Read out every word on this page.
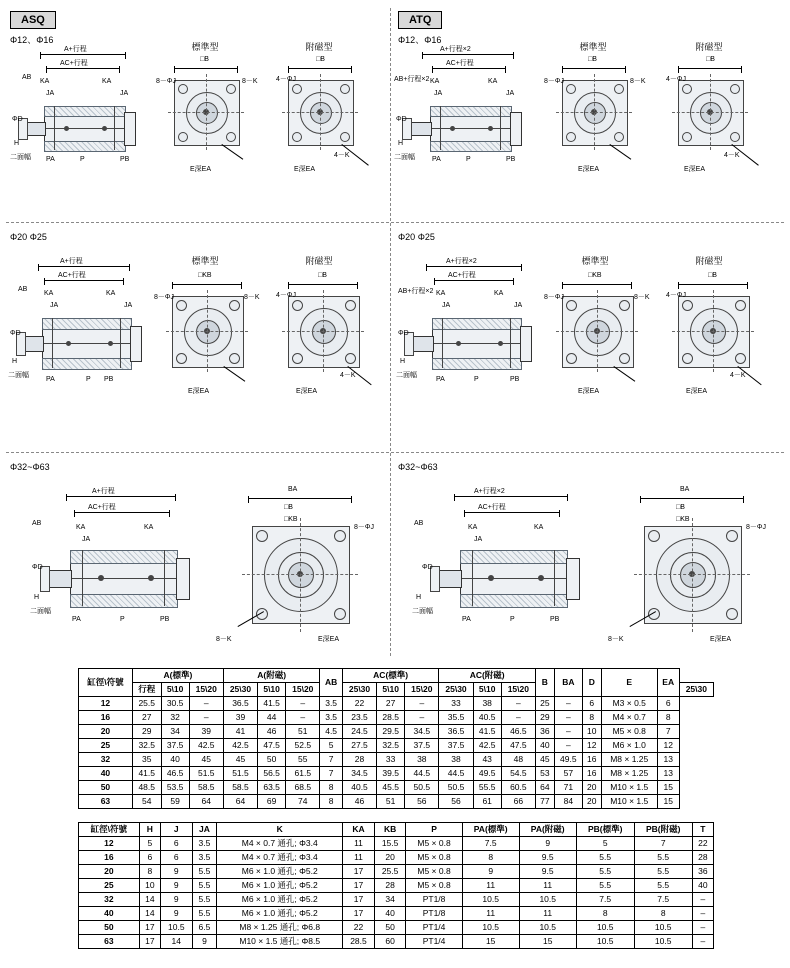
ASQ
Φ12、Φ16
AB
A+行程
AC+行程
KA	KA
JA	JA
ΦD
H
二面幅 PA	P	PB
標準型
□B
8－ΦJ	8－K
E深EA
附磁型
□B
4－ΦJ
4－K
E深EA
ATQ
Φ12、Φ16
AB+行程×2
A+行程×2
AC+行程
KA	KA
JA	JA
ΦD
H
二面幅 PA	P	PB
標準型
□B
8－ΦJ	8－K
E深EA
附磁型
□B
4－ΦJ
4－K
E深EA
Φ20 Φ25
AB
A+行程
AC+行程
KA	KA
JA	JA
ΦD
H
二面幅
PA	P PB
標準型
□KB
8－ΦJ	8－K
E深EA
附磁型
□B
4－ΦJ
4－K
E深EA
Φ20 Φ25
AB+行程×2
A+行程×2
AC+行程
KA	KA
JA	JA
ΦD
H
二面幅
PA	P	PB
標準型
□KB
8－ΦJ	8－K
E深EA
附磁型
□B
4－ΦJ
4－K
E深EA
Φ32~Φ63
AB
A+行程
AC+行程
KA	KA
JA
ΦD
H
二面幅
PA	P	PB
BA
□B
□KB
8－ΦJ
8－K	E深EA
Φ32~Φ63
AB
A+行程×2
AC+行程
KA	KA
JA
ΦD
H
二面幅
PA	P	PB
BA
□B
□KB
8－ΦJ
8－K	E深EA
缸徑\符號	A(標準)			A(附磁)			AB	AC(標準)			AC(附磁)			B	BA	D	E	EA	
	行程	5\10	15\20	25\30	5\10	15\20		25\30	5\10	15\20	25\30	5\10	15\20						25\30
12	25.5	30.5	–	36.5	41.5	–	3.5	22	27	–	33	38	–	25	–	6	M3 × 0.5	6	
16	27	32	–	39	44	–	3.5	23.5	28.5	–	35.5	40.5	–	29	–	8	M4 × 0.7	8	
20	29	34	39	41	46	51	4.5	24.5	29.5	34.5	36.5	41.5	46.5	36	–	10	M5 × 0.8	7	
25	32.5	37.5	42.5	42.5	47.5	52.5	5	27.5	32.5	37.5	37.5	42.5	47.5	40	–	12	M6 × 1.0	12	
32	35	40	45	45	50	55	7	28	33	38	38	43	48	45	49.5	16	M8 × 1.25	13	
40	41.5	46.5	51.5	51.5	56.5	61.5	7	34.5	39.5	44.5	44.5	49.5	54.5	53	57	16	M8 × 1.25	13	
50	48.5	53.5	58.5	58.5	63.5	68.5	8	40.5	45.5	50.5	50.5	55.5	60.5	64	71	20	M10 × 1.5	15	
63	54	59	64	64	69	74	8	46	51	56	56	61	66	77	84	20	M10 × 1.5	15	
缸徑\符號	H	J	JA	K	KA	KB	P	PA(標準)	PA(附磁)	PB(標準)	PB(附磁)	T
12	5	6	3.5	M4 × 0.7 通孔; Φ3.4	11	15.5	M5 × 0.8	7.5	9	5	7	22
16	6	6	3.5	M4 × 0.7 通孔; Φ3.4	11	20	M5 × 0.8	8	9.5	5.5	5.5	28
20	8	9	5.5	M6 × 1.0 通孔; Φ5.2	17	25.5	M5 × 0.8	9	9.5	5.5	5.5	36
25	10	9	5.5	M6 × 1.0 通孔; Φ5.2	17	28	M5 × 0.8	11	11	5.5	5.5	40
32	14	9	5.5	M6 × 1.0 通孔; Φ5.2	17	34	PT1/8	10.5	10.5	7.5	7.5	–
40	14	9	5.5	M6 × 1.0 通孔; Φ5.2	17	40	PT1/8	11	11	8	8	–
50	17	10.5	6.5	M8 × 1.25 通孔; Φ6.8	22	50	PT1/4	10.5	10.5	10.5	10.5	–
63	17	14	9	M10 × 1.5 通孔; Φ8.5	28.5	60	PT1/4	15	15	10.5	10.5	–
